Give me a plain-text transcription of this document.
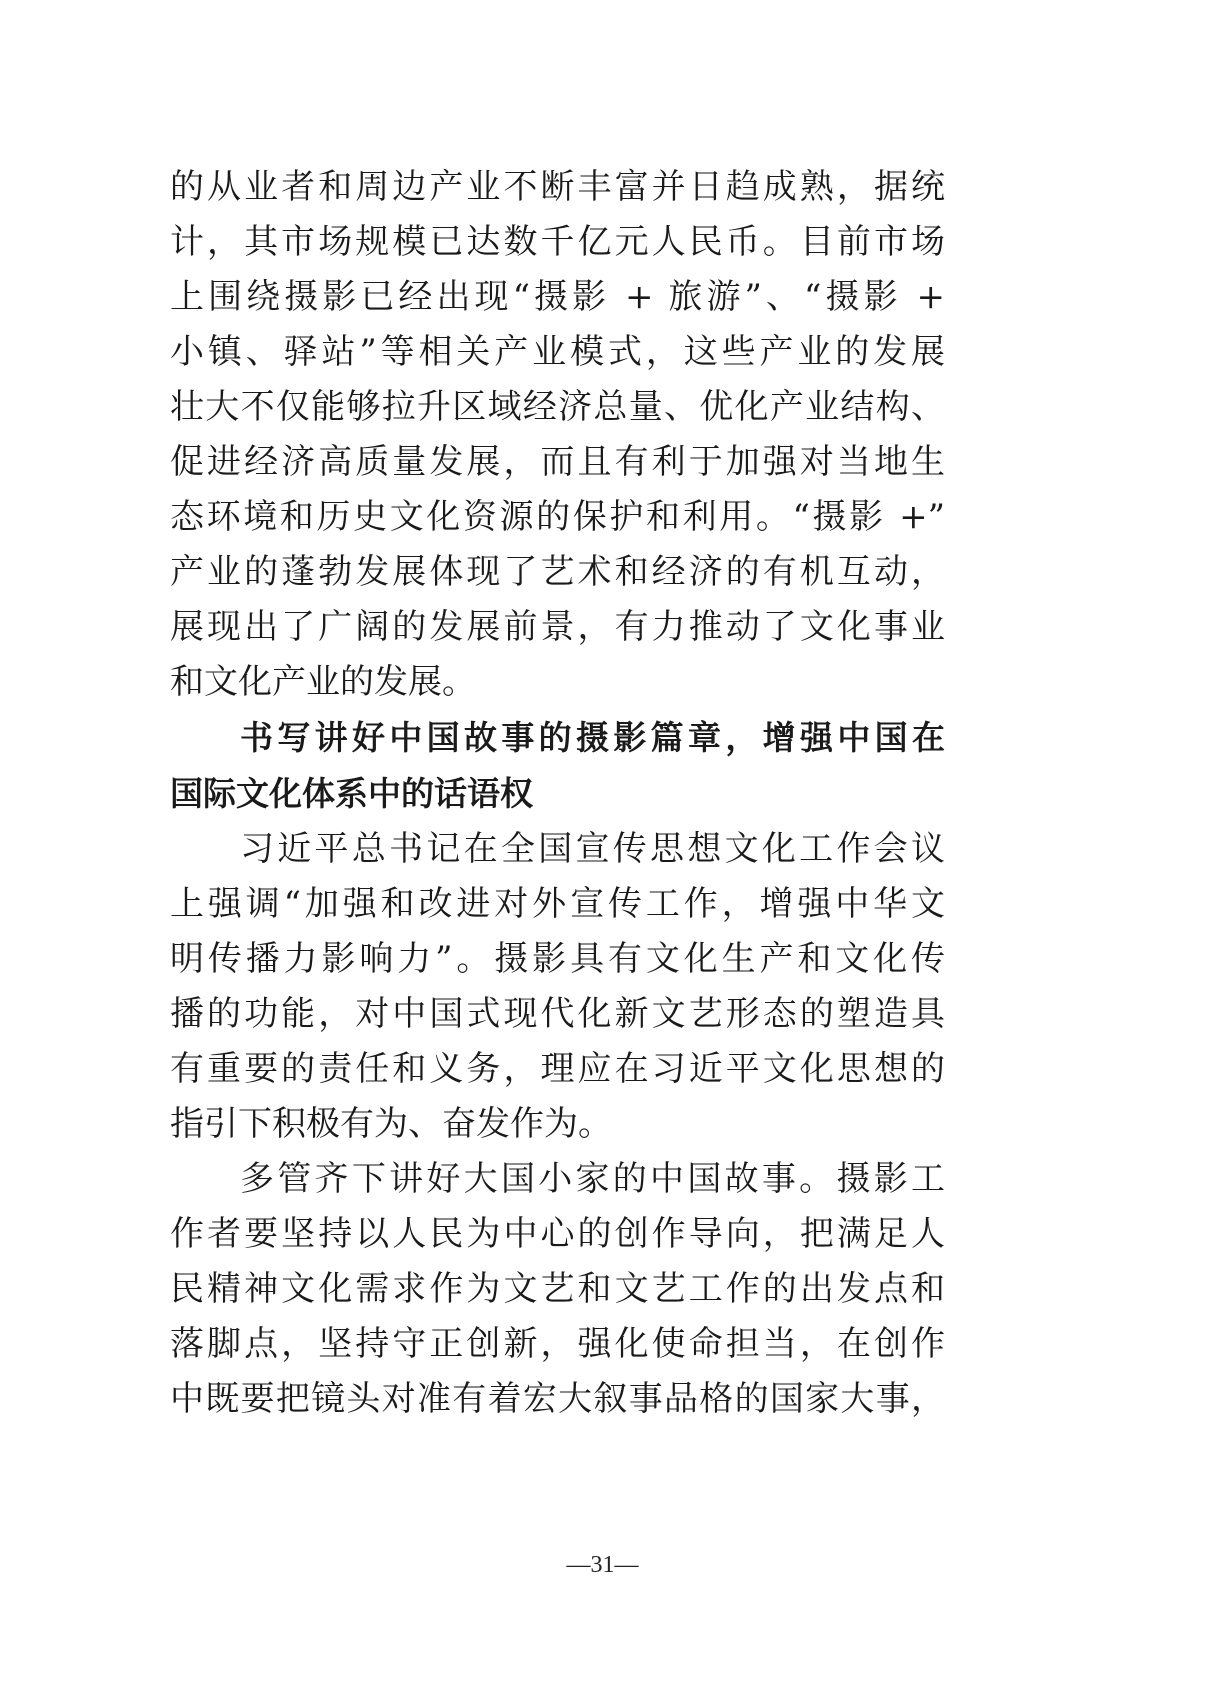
的从业者和周边产业不断丰富并日趋成熟，据统
计，其市场规模已达数千亿元人民币。目前市场
上围绕摄影已经出现“摄影 + 旅游”、“摄影 +
小镇、驿站”等相关产业模式，这些产业的发展
壮大不仅能够拉升区域经济总量、优化产业结构、
促进经济高质量发展，而且有利于加强对当地生
态环境和历史文化资源的保护和利用。“摄影 +”
产业的蓬勃发展体现了艺术和经济的有机互动，
展现出了广阔的发展前景，有力推动了文化事业
和文化产业的发展。
书写讲好中国故事的摄影篇章，增强中国在
国际文化体系中的话语权
习近平总书记在全国宣传思想文化工作会议
上强调“加强和改进对外宣传工作，增强中华文
明传播力影响力”。摄影具有文化生产和文化传
播的功能，对中国式现代化新文艺形态的塑造具
有重要的责任和义务，理应在习近平文化思想的
指引下积极有为、奋发作为。
多管齐下讲好大国小家的中国故事。摄影工
作者要坚持以人民为中心的创作导向，把满足人
民精神文化需求作为文艺和文艺工作的出发点和
落脚点，坚持守正创新，强化使命担当，在创作
中既要把镜头对准有着宏大叙事品格的国家大事，
—31—
